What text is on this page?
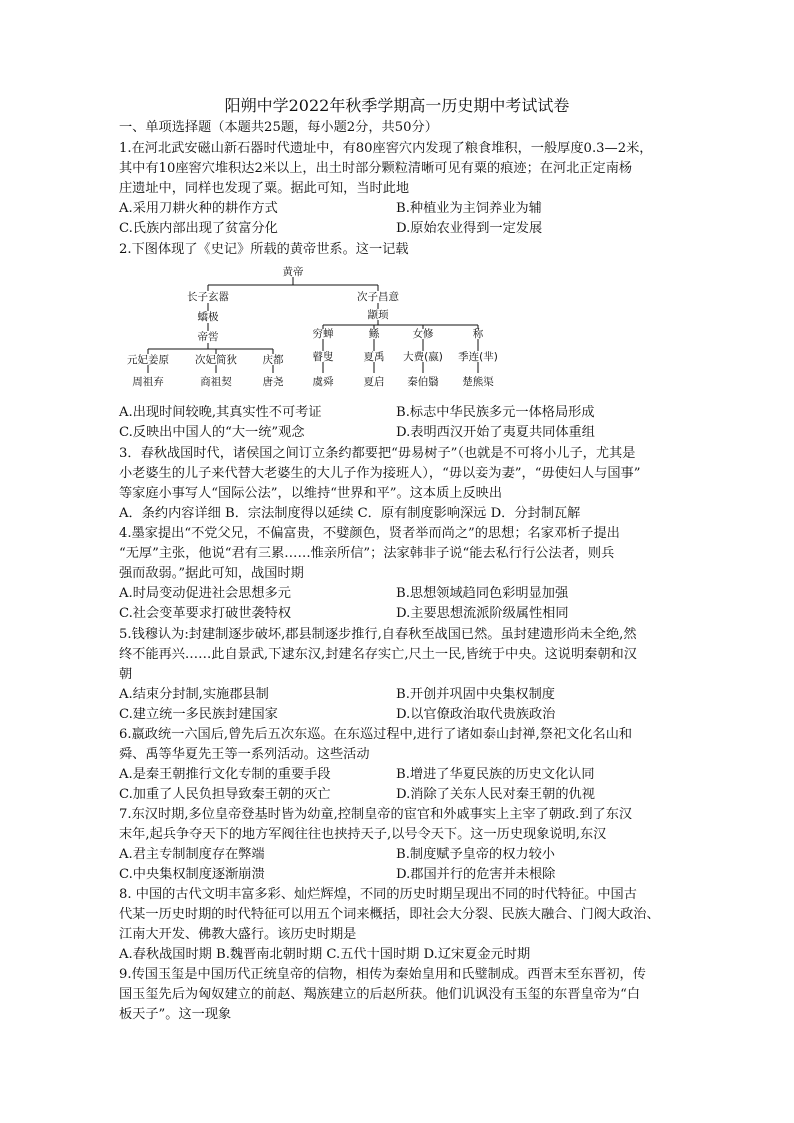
阳朔中学2022年秋季学期高一历史期中考试试卷
一、单项选择题（本题共25题，每小题2分，共50分）
1.在河北武安磁山新石器时代遗址中，有80座窖穴内发现了粮食堆积，一般厚度0.3—2米，
其中有10座窖穴堆积达2米以上，出土时部分颗粒清晰可见有粟的痕迹；在河北正定南杨
庄遗址中，同样也发现了粟。据此可知，当时此地
A.采用刀耕火种的耕作方式	B.种植业为主饲养业为辅
C.氏族内部出现了贫富分化	D.原始农业得到一定发展
2.下图体现了《史记》所载的黄帝世系。这一记载
黄帝
长子玄嚣	次子昌意
蟜极	颛顼
帝喾	穷蝉	鲧	女修	称
元妃姜原 次妃简狄 庆都	瞽叟	夏禹 大费(嬴) 季连(芈)
周祖弃	商祖契	唐尧	虞舜	夏启 秦伯翳 楚熊渠
A.出现时间较晚,其真实性不可考证	B.标志中华民族多元一体格局形成
C.反映出中国人的“大一统”观念	D.表明西汉开始了夷夏共同体重组
3．春秋战国时代，诸侯国之间订立条约都要把“毋易树子”（也就是不可将小儿子，尤其是
小老婆生的儿子来代替大老婆生的大儿子作为接班人），“毋以妾为妻”，“毋使妇人与国事”
等家庭小事写人“国际公法”，以维持“世界和平”。这本质上反映出
A．条约内容详细 B．宗法制度得以延续 C．原有制度影响深远 D．分封制瓦解
4.墨家提出“不党父兄，不偏富贵，不嬖颜色，贤者举而尚之”的思想；名家邓析子提出
“无厚”主张，他说“君有三累……惟亲所信”；法家韩非子说“能去私行行公法者，则兵
强而敌弱。”据此可知，战国时期
A.时局变动促进社会思想多元	B.思想领域趋同色彩明显加强
C.社会变革要求打破世袭特权	D.主要思想流派阶级属性相同
5.钱穆认为:封建制逐步破坏,郡县制逐步推行,自春秋至战国已然。虽封建遗形尚未全绝,然
终不能再兴……此自景武,下逮东汉,封建名存实亡,尺土一民,皆统于中央。这说明秦朝和汉
朝
A.结束分封制,实施郡县制	B.开创并巩固中央集权制度
C.建立统一多民族封建国家	D.以官僚政治取代贵族政治
6.嬴政统一六国后,曾先后五次东巡。在东巡过程中,进行了诸如泰山封禅,祭祀文化名山和
舜、禹等华夏先王等一系列活动。这些活动
A.是秦王朝推行文化专制的重要手段	B.增进了华夏民族的历史文化认同
C.加重了人民负担导致秦王朝的灭亡	D.消除了关东人民对秦王朝的仇视
7.东汉时期,多位皇帝登基时皆为幼童,控制皇帝的宦官和外戚事实上主宰了朝政.到了东汉
末年,起兵争夺天下的地方军阀往往也挟持天子,以号令天下。这一历史现象说明,东汉
A.君主专制制度存在弊端	B.制度赋予皇帝的权力较小
C.中央集权制度逐渐崩溃	D.郡国并行的危害并未根除
8. 中国的古代文明丰富多彩、灿烂辉煌，不同的历史时期呈现出不同的时代特征。中国古
代某一历史时期的时代特征可以用五个词来概括，即社会大分裂、民族大融合、门阀大政治、
江南大开发、佛教大盛行。该历史时期是
A.春秋战国时期 B.魏晋南北朝时期 C.五代十国时期 D.辽宋夏金元时期
9.传国玉玺是中国历代正统皇帝的信物，相传为秦始皇用和氏璧制成。西晋末至东晋初，传
国玉玺先后为匈奴建立的前赵、羯族建立的后赵所获。他们讥讽没有玉玺的东晋皇帝为“白
板天子”。这一现象
